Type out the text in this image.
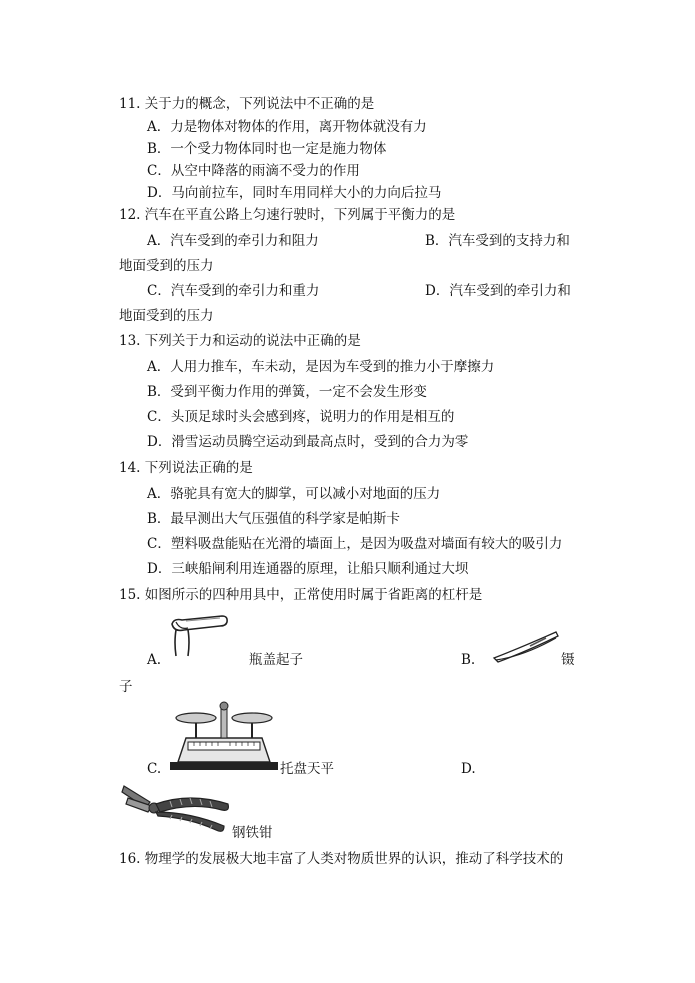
11. 关于力的概念，下列说法中不正确的是
A．力是物体对物体的作用，离开物体就没有力
B．一个受力物体同时也一定是施力物体
C．从空中降落的雨滴不受力的作用
D．马向前拉车，同时车用同样大小的力向后拉马
12. 汽车在平直公路上匀速行驶时，下列属于平衡力的是
A．汽车受到的牵引力和阻力	B．汽车受到的支持力和
地面受到的压力
C．汽车受到的牵引力和重力	D．汽车受到的牵引力和
地面受到的压力
13. 下列关于力和运动的说法中正确的是
A．人用力推车，车未动，是因为车受到的推力小于摩擦力
B．受到平衡力作用的弹簧，一定不会发生形变
C．头顶足球时头会感到疼，说明力的作用是相互的
D．滑雪运动员腾空运动到最高点时，受到的合力为零
14. 下列说法正确的是
A．骆驼具有宽大的脚掌，可以减小对地面的压力
B．最早测出大气压强值的科学家是帕斯卡
C．塑料吸盘能贴在光滑的墙面上，是因为吸盘对墙面有较大的吸引力
D．三峡船闸利用连通器的原理，让船只顺利通过大坝
15. 如图所示的四种用具中，正常使用时属于省距离的杠杆是
A.	瓶盖起子	B.	镊
子
C.	托盘天平	D.
钢铁钳
16. 物理学的发展极大地丰富了人类对物质世界的认识，推动了科学技术的
